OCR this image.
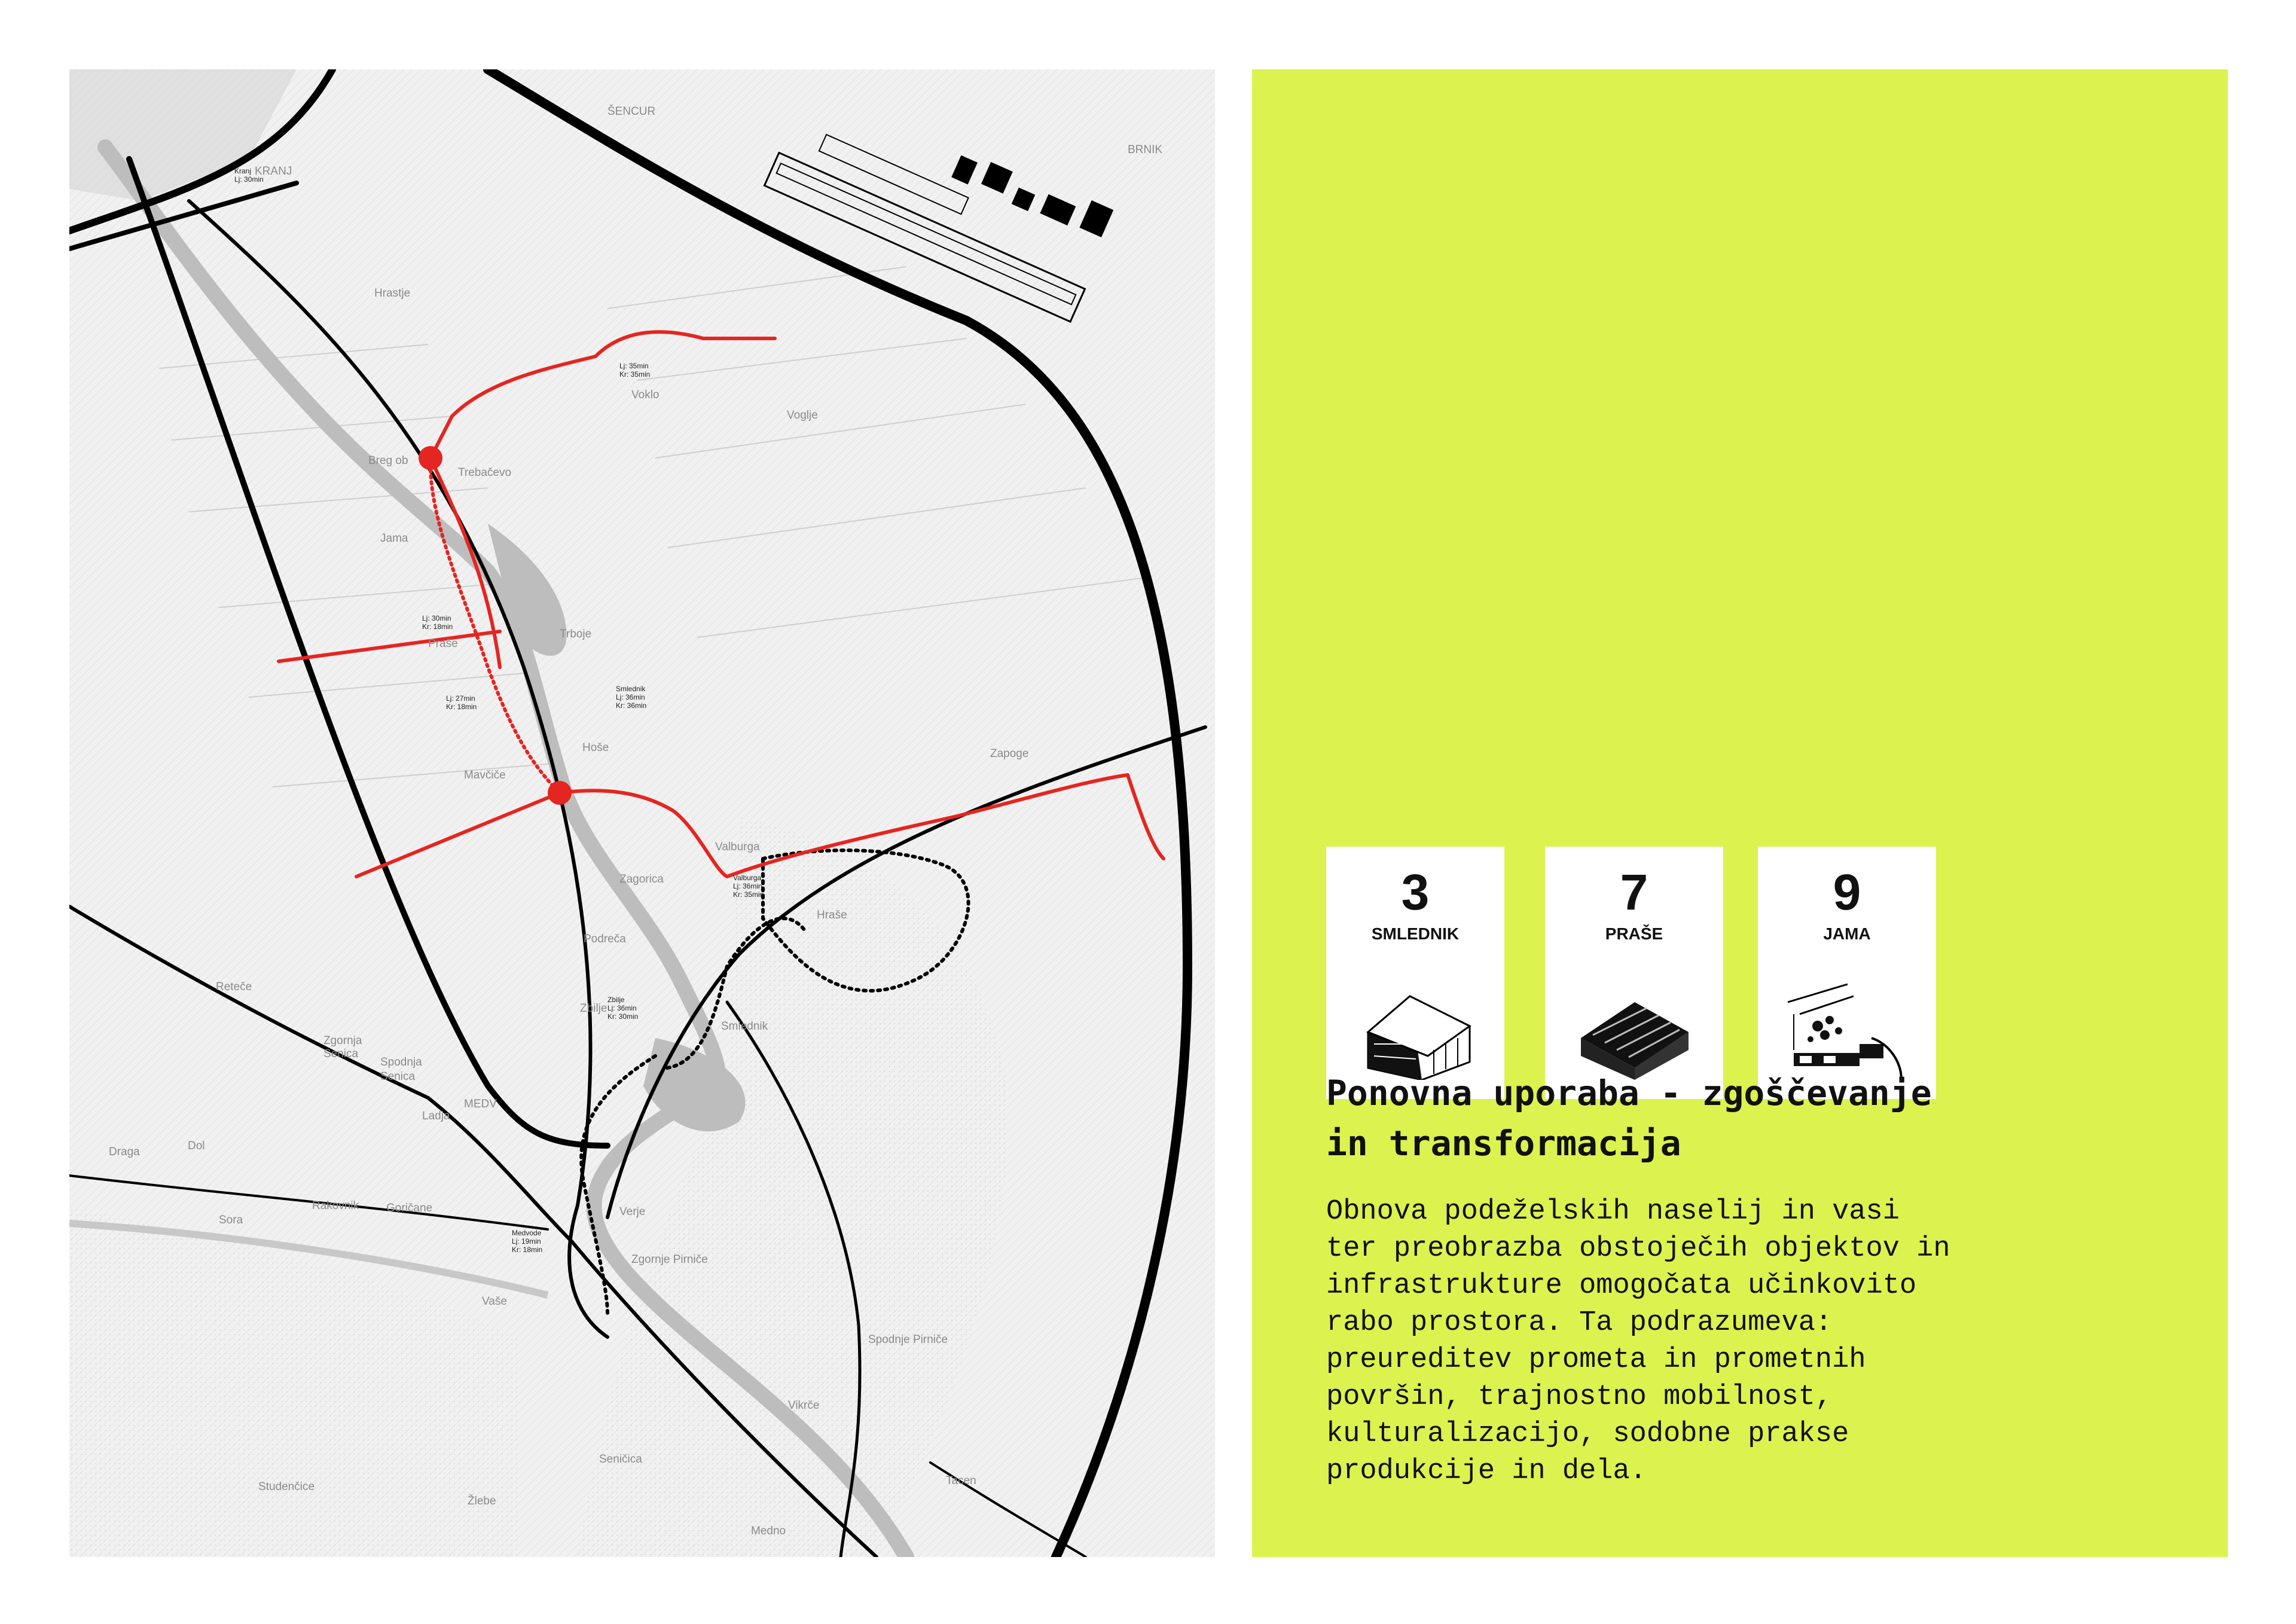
ŠENCUR
BRNIK
KRANJ
Hrastje
Voklo
Voglje
Breg ob
Trebačevo
Jama
Trboje
Praše
Mavčiče
Hoše	Zapoge
Valburga
Hraše
Zagorica
Podreča
Reteče
Zbilje
Smlednik
Zgornja
Senica
Spodnja
Senica
MEDV
Ladja
Draga	Dol
Rakovnik Goričane
Sora
Verje
Zgornje Pirniče
Spodnje Pirniče
Vaše
Vikrče
Seničica
Studenčice
Žlebe
Tacen
Medno
Kranj Lj: 30min
Lj: 35min Kr: 35min
Lj: 30min Kr: 18min
Lj: 27min Kr: 18min
Smlednik Lj: 36min Kr: 36min
Valburga Lj: 36min Kr: 35min
Zbilje Lj: 36min Kr: 30min
Medvode Lj: 19min Kr: 18min
3
SMLEDNIK
7
PRAŠE
9
JAMA
Ponovna uporaba - zgoščevanje
in transformacija

Obnova podeželskih naselij in vasi
ter preobrazba obstoječih objektov in
infrastrukture omogočata učinkovito
rabo prostora. Ta podrazumeva:
preureditev prometa in prometnih
površin, trajnostno mobilnost,
kulturalizacijo, sodobne prakse
produkcije in dela.
